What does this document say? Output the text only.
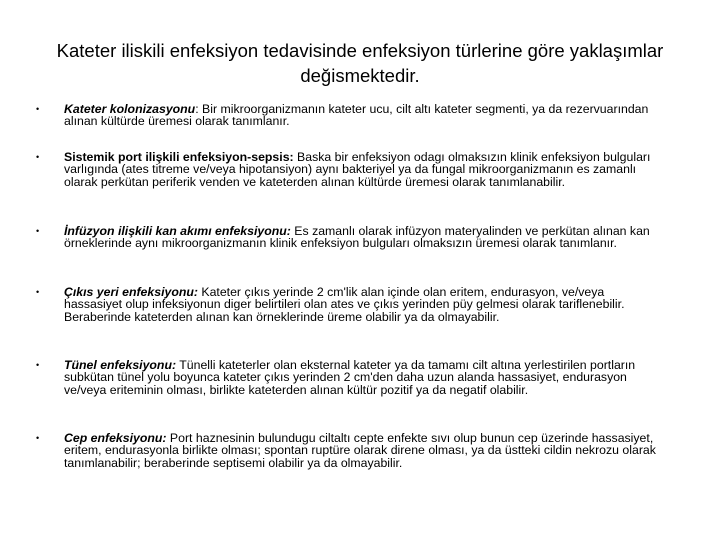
Kateter iliskili enfeksiyon tedavisinde enfeksiyon türlerine göre yaklaşımlar değismektedir.
• Kateter kolonizasyonu: Bir mikroorganizmanın kateter ucu, cilt altı kateter segmenti, ya da rezervuarından alınan kültürde üremesi olarak tanımlanır.
• Sistemik port ilişkili enfeksiyon-sepsis: Baska bir enfeksiyon odagı olmaksızın klinik enfeksiyon bulguları varlıgında (ates titreme ve/veya hipotansiyon) aynı bakteriyel ya da fungal mikroorganizmanın es zamanlı olarak perkütan periferik venden ve kateterden alınan kültürde üremesi olarak tanımlanabilir.
• İnfüzyon ilişkili kan akımı enfeksiyonu: Es zamanlı olarak infüzyon materyalinden ve perkütan alınan kan örneklerinde aynı mikroorganizmanın klinik enfeksiyon bulguları olmaksızın üremesi olarak tanımlanır.
• Çıkıs yeri enfeksiyonu: Kateter çıkıs yerinde 2 cm'lik alan içinde olan eritem, endurasyon, ve/veya hassasiyet olup infeksiyonun diger belirtileri olan ates ve çıkıs yerinden püy gelmesi olarak tariflenebilir. Beraberinde kateterden alınan kan örneklerinde üreme olabilir ya da olmayabilir.
• Tünel enfeksiyonu: Tünelli kateterler olan eksternal kateter ya da tamamı cilt altına yerlestirilen portların subkütan tünel yolu boyunca kateter çıkıs yerinden 2 cm'den daha uzun alanda hassasiyet, endurasyon ve/veya eriteminin olması, birlikte kateterden alınan kültür pozitif ya da negatif olabilir.
• Cep enfeksiyonu: Port haznesinin bulundugu ciltaltı cepte enfekte sıvı olup bunun cep üzerinde hassasiyet, eritem, endurasyonla birlikte olması; spontan ruptüre olarak direne olması, ya da üstteki cildin nekrozu olarak tanımlanabilir; beraberinde septisemi olabilir ya da olmayabilir.
